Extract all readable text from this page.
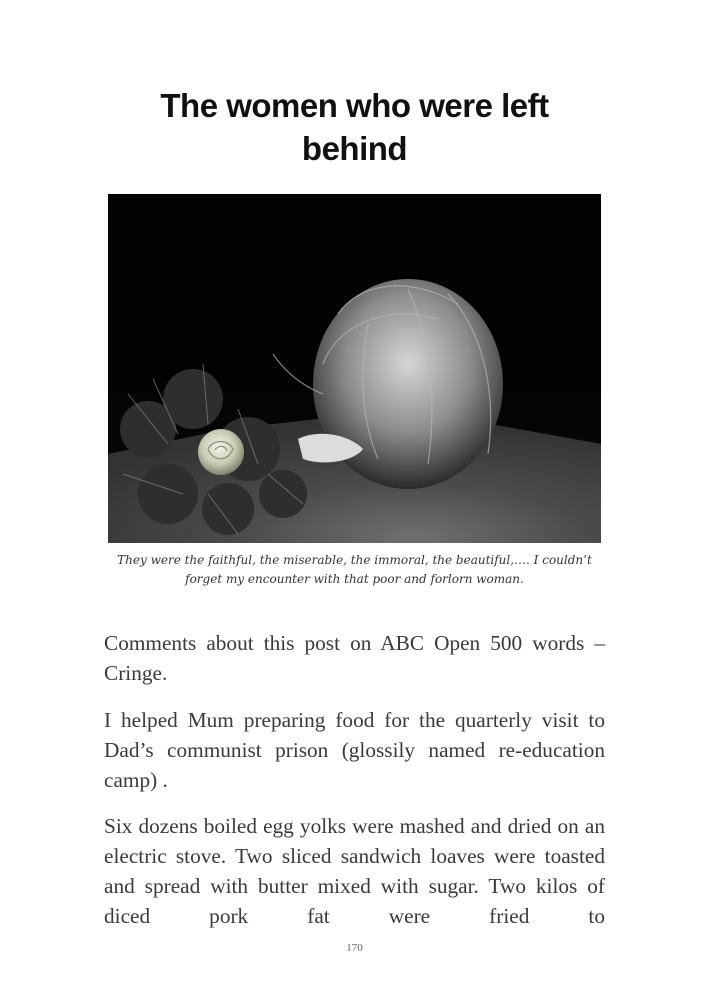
The women who were left behind

They were the faithful, the miserable, the immoral, the beautiful,…. I couldn’t forget my encounter with that poor and forlorn woman.

Comments about this post on ABC Open 500 words – Cringe.

I helped Mum preparing food for the quarterly visit to Dad’s communist prison (glossily named re-education camp) .

Six dozens boiled egg yolks were mashed and dried on an electric stove. Two sliced sandwich loaves were toasted and spread with butter mixed with sugar. Two kilos of diced pork fat were fried to

170
